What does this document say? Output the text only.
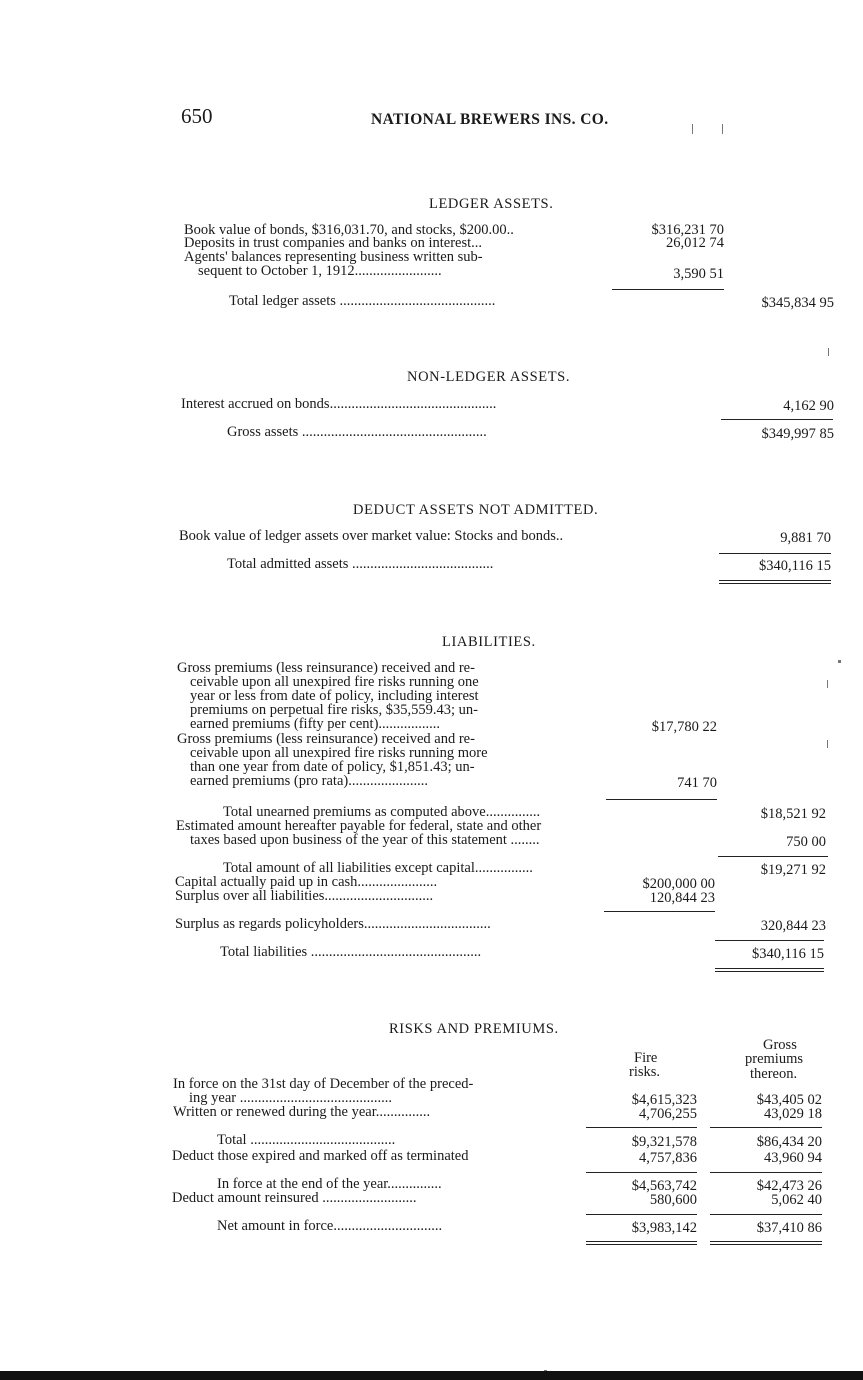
650	NATIONAL BREWERS INS. CO.
LEDGER ASSETS.
Book value of bonds, $316,031.70, and stocks, $200.00..	$316,231 70
Deposits in trust companies and banks on interest...	26,012 74
Agents' balances representing business written sub-
sequent to October 1, 1912........................	3,590 51
Total ledger assets ...........................................	$345,834 95
NON-LEDGER ASSETS.
Interest accrued on bonds..............................................	4,162 90
Gross assets ...................................................	$349,997 85
DEDUCT ASSETS NOT ADMITTED.
Book value of ledger assets over market value: Stocks and bonds..	9,881 70
Total admitted assets .......................................	$340,116 15
LIABILITIES.
Gross premiums (less reinsurance) received and re-
ceivable upon all unexpired fire risks running one
year or less from date of policy, including interest
premiums on perpetual fire risks, $35,559.43; un-
earned premiums (fifty per cent).................	$17,780 22
Gross premiums (less reinsurance) received and re-
ceivable upon all unexpired fire risks running more
than one year from date of policy, $1,851.43; un-
earned premiums (pro rata)......................	741 70
Total unearned premiums as computed above...............	$18,521 92
Estimated amount hereafter payable for federal, state and other
taxes based upon business of the year of this statement ........	750 00
Total amount of all liabilities except capital................	$19,271 92
Capital actually paid up in cash......................	$200,000 00
Surplus over all liabilities..............................	120,844 23
Surplus as regards policyholders...................................	320,844 23
Total liabilities ...............................................	$340,116 15
RISKS AND PREMIUMS.
Gross
Fire	premiums
risks.	thereon.
In force on the 31st day of December of the preced-
ing year ..........................................	$4,615,323	$43,405 02
Written or renewed during the year...............	4,706,255	43,029 18
Total ........................................	$9,321,578	$86,434 20
Deduct those expired and marked off as terminated	4,757,836	43,960 94
In force at the end of the year...............	$4,563,742	$42,473 26
Deduct amount reinsured ..........................	580,600	5,062 40
Net amount in force..............................	$3,983,142	$37,410 86
